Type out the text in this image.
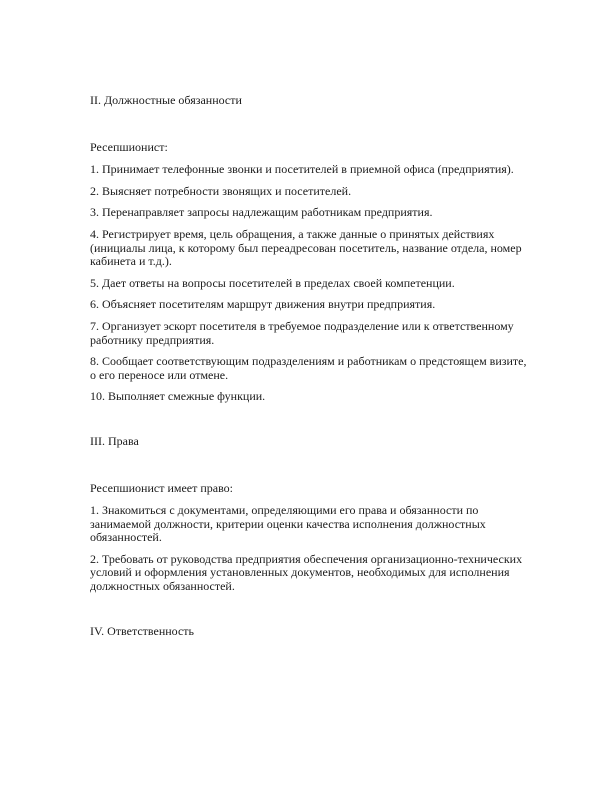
II. Должностные обязанности

Ресепшионист:

1. Принимает телефонные звонки и посетителей в приемной офиса (предприятия).

2. Выясняет потребности звонящих и посетителей.

3. Перенаправляет запросы надлежащим работникам предприятия.

4. Регистрирует время, цель обращения, а также данные о принятых действиях (инициалы лица, к которому был переадресован посетитель, название отдела, номер кабинета и т.д.).

5. Дает ответы на вопросы посетителей в пределах своей компетенции.

6. Объясняет посетителям маршрут движения внутри предприятия.

7. Организует эскорт посетителя в требуемое подразделение или к ответственному работнику предприятия.

8. Сообщает соответствующим подразделениям и работникам о предстоящем визите, о его переносе или отмене.

10. Выполняет смежные функции.

III. Права

Ресепшионист имеет право:

1. Знакомиться с документами, определяющими его права и обязанности по занимаемой должности, критерии оценки качества исполнения должностных обязанностей.

2. Требовать от руководства предприятия обеспечения организационно-технических условий и оформления установленных документов, необходимых для исполнения должностных обязанностей.

IV. Ответственность
